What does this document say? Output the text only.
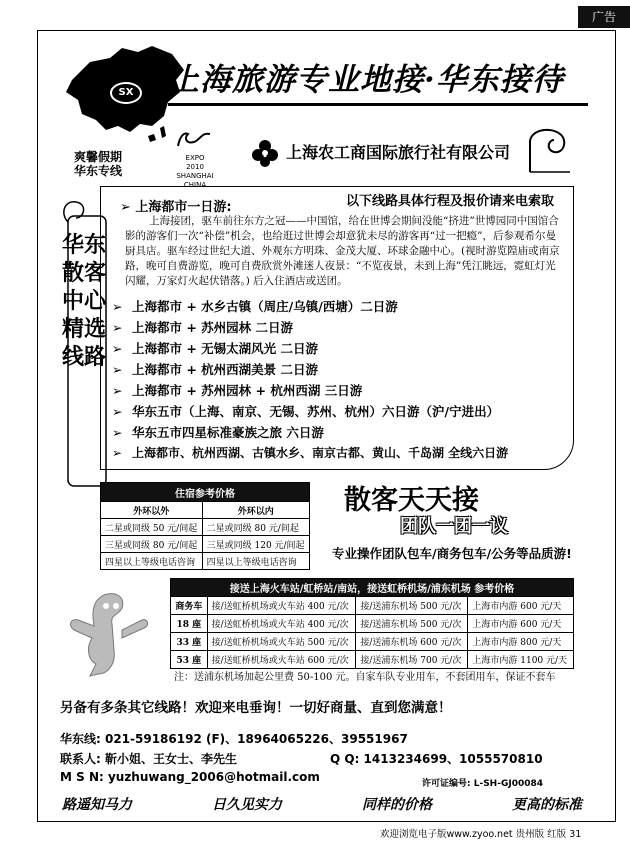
广告
SX 上海旅游专业地接·华东接待
爽馨假期
华东专线
EXPO
2010
SHANGHAI CHINA
上海农工商国际旅行社有限公司
以下线路具体行程及报价请来电索取
华东散客中心精选线路
➢ 上海都市一日游:
上海接团，驱车前往东方之冠——中国馆，给在世博会期间没能“挤进”世博园同中国馆合影的游客们一次“补偿”机会，也给逛过世博会却意犹未尽的游客再“过一把瘾”，后参观希尔曼厨具店。驱车经过世纪大道、外观东方明珠、金茂大厦、环球金融中心。(视时游览隍庙或南京路，晚可自费游览，晚可自费欣赏外滩迷人夜景：“不览夜景，未到上海”凭江眺远，霓虹灯光闪耀，万家灯火起伏错落。) 后入住酒店或送团。
➢ 上海都市 + 水乡古镇（周庄/乌镇/西塘）二日游
➢ 上海都市 + 苏州园林 二日游
➢ 上海都市 + 无锡太湖风光 二日游
➢ 上海都市 + 杭州西湖美景 二日游
➢ 上海都市 + 苏州园林 + 杭州西湖 三日游
➢ 华东五市（上海、南京、无锡、苏州、杭州）六日游（沪/宁进出）
➢ 华东五市四星标准豪族之旅 六日游
➢ 上海都市、杭州西湖、古镇水乡、南京古都、黄山、千岛湖 全线六日游
住宿参考价格	
外环以外	外环以内
二星或同级 50 元/间起	二星或同级 80 元/间起
三星或同级 80 元/间起	三星或同级 120 元/间起
四星以上等级电话咨询	四星以上等级电话咨询
散客天天接
团队一团一议
专业操作团队包车/商务包车/公务等品质游!
接送上海火车站/虹桥站/南站，接送虹桥机场/浦东机场 参考价格			
商务车	接/送虹桥机场或火车站 400 元/次	接/送浦东机场 500 元/次	上海市内游 600 元/天
18 座	接/送虹桥机场或火车站 400 元/次	接/送浦东机场 500 元/次	上海市内游 600 元/天
33 座	接/送虹桥机场或火车站 500 元/次	接/送浦东机场 600 元/次	上海市内游 800 元/天
53 座	接/送虹桥机场或火车站 600 元/次	接/送浦东机场 700 元/次	上海市内游 1100 元/天
注：送浦东机场加起公里费 50-100 元。自家车队专业用车，不套团用车，保证不套车
另备有多条其它线路！欢迎来电垂询！一切好商量、直到您满意！
华东线: 021-59186192 (F)、18964065226、39551967
联系人: 靳小姐、王女士、李先生	Q Q: 1413234699、1055570810
M S N: yuzhuwang_2006@hotmail.com	许可证编号: L-SH-GJ00084
路遥知马力	日久见实力	同样的价格	更高的标准
欢迎浏览电子版www.zyoo.net 贵州版 红版 31
